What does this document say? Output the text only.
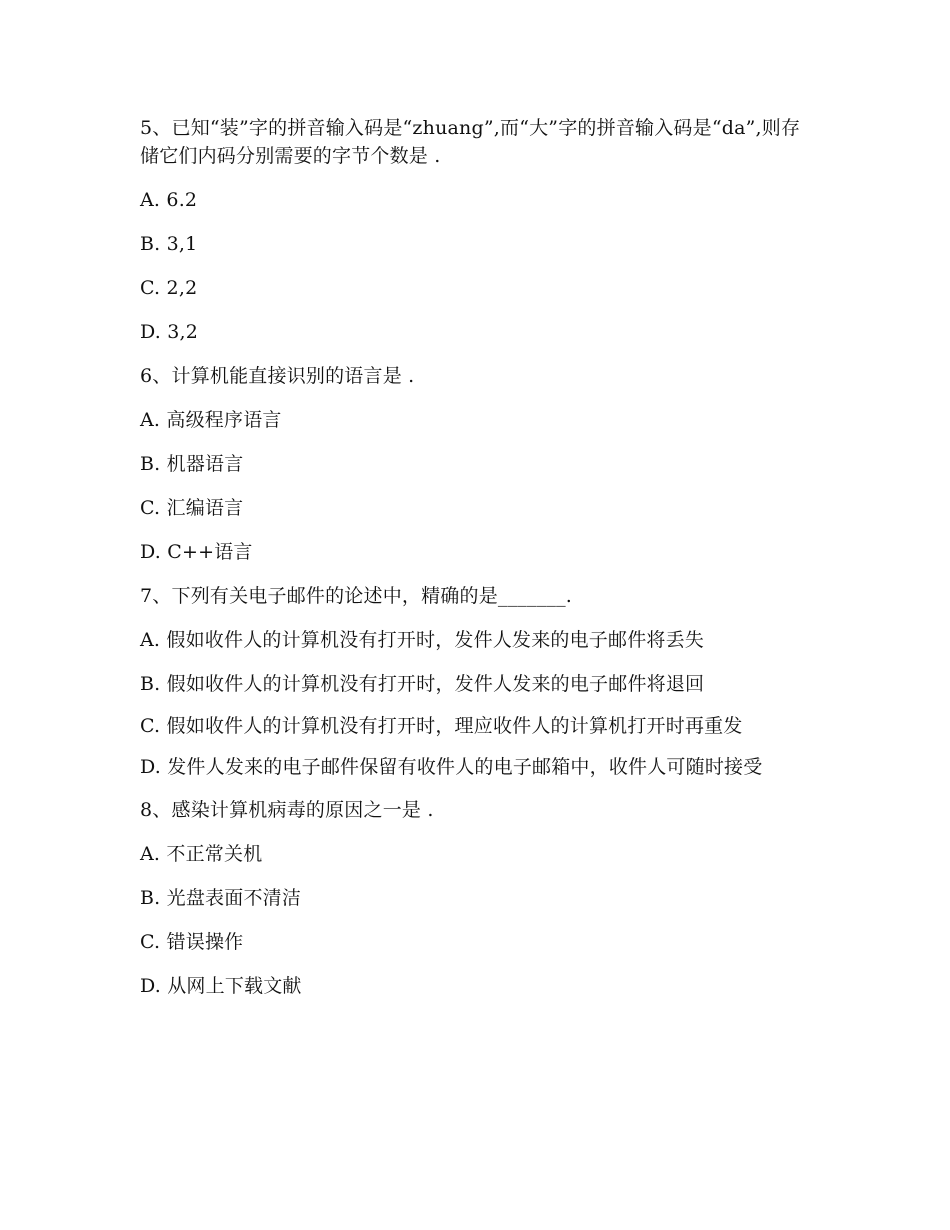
5、已知“装”字的拼音输入码是“zhuang”,而“大”字的拼音输入码是“da”,则存储它们内码分别需要的字节个数是 .

A. 6.2

B. 3,1

C. 2,2

D. 3,2

6、计算机能直接识别的语言是 .

A. 高级程序语言

B. 机器语言

C. 汇编语言

D. C++语言

7、下列有关电子邮件的论述中，精确的是_______.

A. 假如收件人的计算机没有打开时，发件人发来的电子邮件将丢失

B. 假如收件人的计算机没有打开时，发件人发来的电子邮件将退回

C. 假如收件人的计算机没有打开时，理应收件人的计算机打开时再重发

D. 发件人发来的电子邮件保留有收件人的电子邮箱中，收件人可随时接受

8、感染计算机病毒的原因之一是 .

A. 不正常关机

B. 光盘表面不清洁

C. 错误操作

D. 从网上下载文献
